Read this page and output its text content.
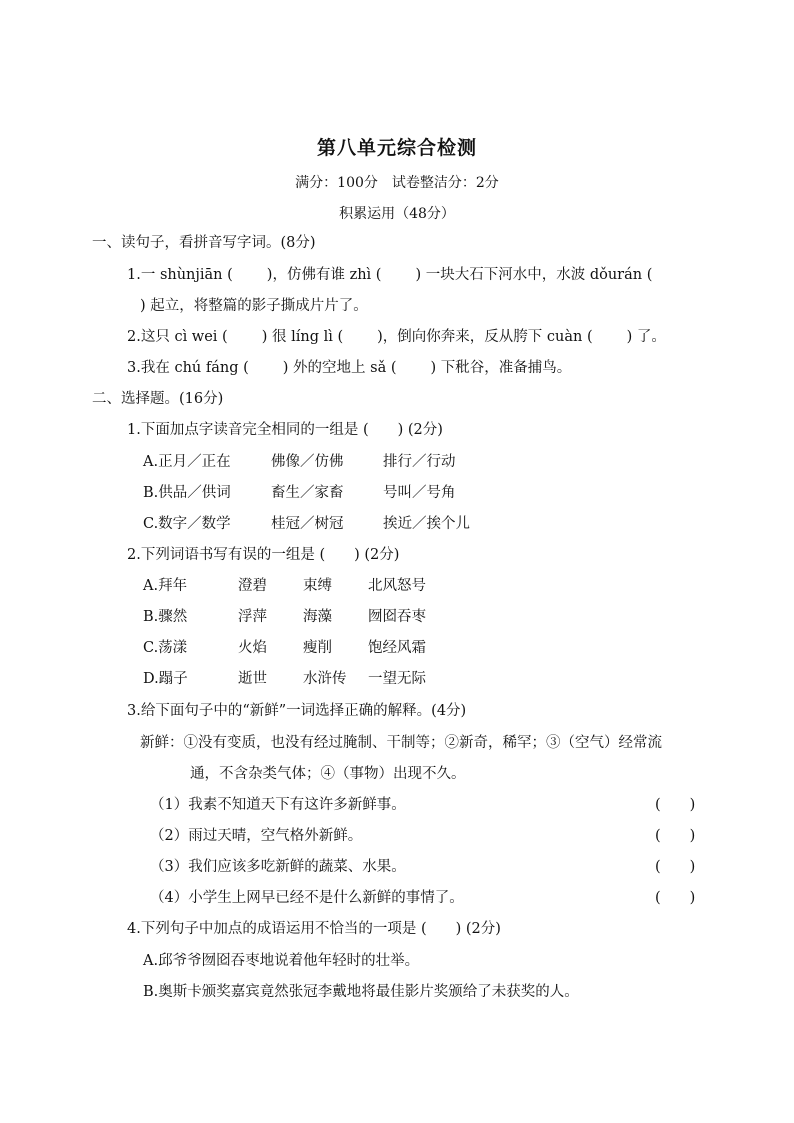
第八单元综合检测
满分：100分　试卷整洁分：2分
积累运用（48分）
一、读句子，看拼音写字词。(8分)
1.一 shùnjiān ( )，仿佛有谁 zhì ( ) 一块大石下河水中，水波 dǒurán (
) 起立，将整篇的影子撕成片片了。
2.这只 cì wei ( ) 很 líng lì ( )，倒向你奔来，反从胯下 cuàn ( ) 了。
3.我在 chú fáng ( ) 外的空地上 sǎ ( ) 下秕谷，准备捕鸟。
二、选择题。(16分)
1.下面加点字读音完全相同的一组是 (　　) (2分)
A.正月／正在	佛像／仿佛	排行／行动
B.供品／供词	畜生／家畜	号叫／号角
C.数字／数学	桂冠／树冠	挨近／挨个儿
2.下列词语书写有误的一组是 (　　) (2分)
A.拜年	澄碧 束缚 北风怒号
B.骤然	浮萍 海藻 囫囵吞枣
C.荡漾	火焰 瘦削 饱经风霜
D.蹋子	逝世 水浒传 一望无际
3.给下面句子中的“新鲜”一词选择正确的解释。(4分)
新鲜：①没有变质，也没有经过腌制、干制等；②新奇，稀罕；③（空气）经常流
通，不含杂类气体；④（事物）出现不久。
（1）我素不知道天下有这许多新鲜事。	(　　)
（2）雨过天晴，空气格外新鲜。	(　　)
（3）我们应该多吃新鲜的蔬菜、水果。	(　　)
（4）小学生上网早已经不是什么新鲜的事情了。	(　　)
4.下列句子中加点的成语运用不恰当的一项是 (　　) (2分)
A.邱爷爷囫囵吞枣地说着他年轻时的壮举。
B.奥斯卡颁奖嘉宾竟然张冠李戴地将最佳影片奖颁给了未获奖的人。
